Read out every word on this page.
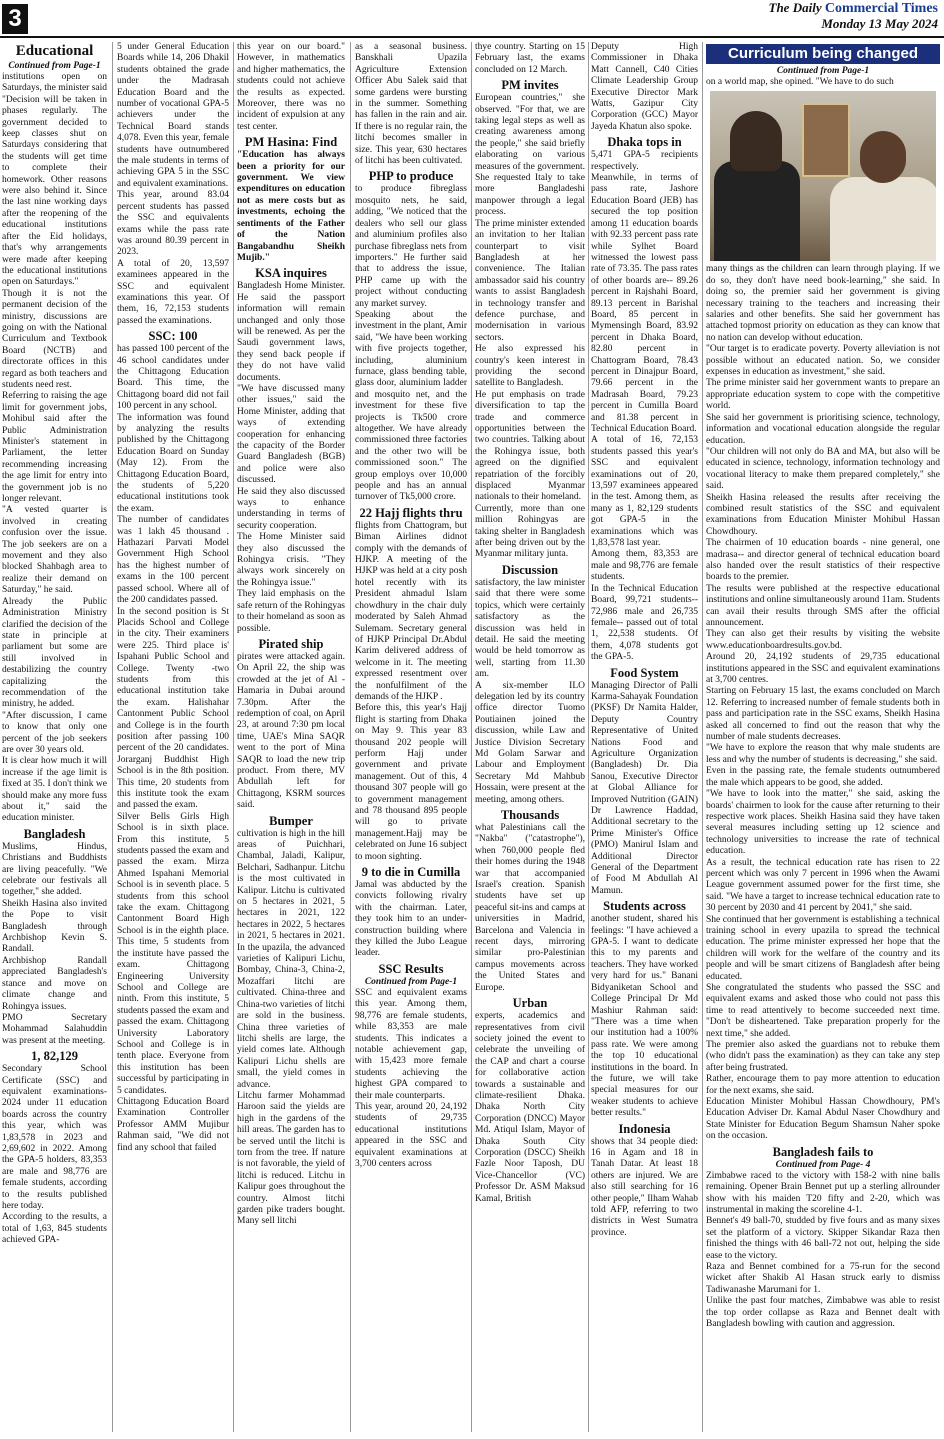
3	The Daily Commercial Times
Monday 13 May 2024
Educational

Continued from Page-1

institutions open on Saturdays, the minister said "Decision will be taken in phases regularly. The government decided to keep classes shut on Saturdays considering that the students will get time to complete their homework. Other reasons were also behind it. Since the last nine working days after the reopening of the educational institutions after the Eid holidays, that's why arrangements were made after keeping the educational institutions open on Saturdays."

Though it is not the permanent decision of the ministry, discussions are going on with the National Curriculum and Textbook Board (NCTB) and directorate offices in this regard as both teachers and students need rest.

Referring to raising the age limit for government jobs, Mohibul said after the Public Administration Minister's statement in Parliament, the letter recommending increasing the age limit for entry into the government job is no longer relevant.

"A vested quarter is involved in creating confusion over the issue. The job seekers are on a movement and they also blocked Shahbagh area to realize their demand on Saturday," he said.

Already the Public Administration Ministry clarified the decision of the state in principle at parliament but some are still involved in destabilizing the country capitalizing the recommendation of the ministry, he added.

"After discussion, I came to know that only one percent of the job seekers are over 30 years old.

It is clear how much it will increase if the age limit is fixed at 35. I don't think we should make any more fuss about it," said the education minister.

Bangladesh

Muslims, Hindus, Christians and Buddhists are living peacefully. "We celebrate our festivals all together," she added.

Sheikh Hasina also invited the Pope to visit Bangladesh through Archbishop Kevin S. Randall.

Archbishop Randall appreciated Bangladesh's stance and move on climate change and Rohingya issues.

PMO Secretary Mohammad Salahuddin was present at the meeting.

1, 82,129

Secondary School Certificate (SSC) and equivalent examinations-2024 under 11 education boards across the country this year, which was 1,83,578 in 2023 and 2,69,602 in 2022. Among the GPA-5 holders, 83,353 are male and 98,776 are female students, according to the results published here today.

According to the results, a total of 1,63, 845 students achieved GPA-

5 under General Education Boards while 14, 206 Dhakil students obtained the grade under the Madrasah Education Board and the number of vocational GPA-5 achievers under the Technical Board stands 4,078. Even this year, female students have outnumbered the male students in terms of achieving GPA 5 in the SSC and equivalent examinations.

This year, around 83.04 percent students has passed the SSC and equivalents exams while the pass rate was around 80.39 percent in 2023.

A total of 20, 13,597 examinees appeared in the SSC and equivalent examinations this year. Of them, 16, 72,153 students passed the examinations.

SSC: 100

has passed 100 percent of the 46 school candidates under the Chittagong Education Board. This time, the Chittagong board did not fail 100 percent in any school.

The information was found by analyzing the results published by the Chittagong Education Board on Sunday (May 12). From the Chittagong Education Board, the students of 5,220 educational institutions took the exam.

The number of candidates was 1 lakh 45 thousand . Hathazari Parvati Model Government High School has the highest number of exams in the 100 percent passed school. Where all of the 200 candidates passed.

In the second position is St Placids School and College in the city. Their examiners were 225. Third place is' Ispahani Public School and College. Twenty -two students from this educational institution take the exam. Halishahar Cantonment Public School and College is in the fourth position after passing 100 percent of the 20 candidates. Jorarganj Buddhist High School is in the 8th position. This time, 20 students from this institute took the exam and passed the exam.

Silver Bells Girls High School is in sixth place. From this institute, 5 students passed the exam and passed the exam. Mirza Ahmed Ispahani Memorial School is in seventh place. 5 students from this school take the exam. Chittagong Cantonment Board High School is in the eighth place. This time, 5 students from the institute have passed the exam. Chittagong Engineering University School and College are ninth. From this institute, 5 students passed the exam and passed the exam. Chittagong University Laboratory School and College is in tenth place. Everyone from this institution has been successful by participating in 5 candidates.

Chittagong Education Board Examination Controller Professor AMM Mujibur Rahman said, "We did not find any school that failed

this year on our board." However, in mathematics and higher mathematics, the students could not achieve the results as expected. Moreover, there was no incident of expulsion at any test center.

PM Hasina: Find

"Education has always been a priority for our government. We view expenditures on education not as mere costs but as investments, echoing the sentiments of the Father of the Nation Bangabandhu Sheikh Mujib."

KSA inquires

Bangladesh Home Minister. He said the passport information will remain unchanged and only those will be renewed. As per the Saudi government laws, they send back people if they do not have valid documents.

"We have discussed many other issues," said the Home Minister, adding that ways of extending cooperation for enhancing the capacity of the Border Guard Bangladesh (BGB) and police were also discussed.

He said they also discussed ways to enhance understanding in terms of security cooperation.

The Home Minister said they also discussed the Rohingya crisis. "They always work sincerely on the Rohingya issue."

They laid emphasis on the safe return of the Rohingyas to their homeland as soon as possible.

Pirated ship

pirates were attacked again. On April 22, the ship was crowded at the jet of Al -Hamaria in Dubai around 7.30pm. After the redemption of coal, on April 23, at around 7:30 pm local time, UAE's Mina SAQR went to the port of Mina SAQR to load the new trip product. From there, MV Abdullah left for Chittagong, KSRM sources said.

Bumper

cultivation is high in the hill areas of Puichhari, Chambal, Jaladi, Kalipur, Belchari, Sadhanpur. Litchu is the most cultivated in Kalipur. Litchu is cultivated on 5 hectares in 2021, 5 hectares in 2021, 122 hectares in 2022, 5 hectares in 2021, 5 hectares in 2021. In the upazila, the advanced varieties of Kalipuri Lichu, Bombay, China-3, China-2, Mozaffari litchi are cultivated. China-three and China-two varieties of litchi are sold in the business. China three varieties of litchi shells are large, the yield comes late. Although Kalipuri Lichu shells are small, the yield comes in advance.

Litchu farmer Mohammad Haroon said the yields are high in the gardens of the hill areas. The garden has to be served until the litchi is torn from the tree. If nature is not favorable, the yield of litchi is reduced. Litchu in Kalipur goes throughout the country. Almost litchi garden pike traders bought. Many sell litchi

as a seasonal business. Banskhali Upazila Agriculture Extension Officer Abu Salek said that some gardens were bursting in the summer. Something has fallen in the rain and air. If there is no regular rain, the litchi becomes smaller in size. This year, 630 hectares of litchi has been cultivated.

PHP to produce

to produce fibreglass mosquito nets, he said, adding, "We noticed that the dealers who sell our glass and aluminium profiles also purchase fibreglass nets from importers." He further said that to address the issue, PHP came up with the project without conducting any market survey.

Speaking about the investment in the plant, Amir said, "We have been working with five projects together, including, aluminium furnace, glass bending table, glass door, aluminium ladder and mosquito net, and the investment for these five projects is Tk500 crore altogether. We have already commissioned three factories and the other two will be commissioned soon." The group employs over 10,000 people and has an annual turnover of Tk5,000 crore.

22 Hajj flights thru

flights from Chattogram, but Biman Airlines didnot comply with the demands of HJKP. A meeting of the HJKP was held at a city posh hotel recently with its President ahmadul Islam chowdhury in the chair duly moderated by Saleh Ahmad Sulemam. Secretary general of HJKP Principal Dr.Abdul Karim delivered address of welcome in it. The meeting expressed resentment over the nonfulfilment of the demands of the HJKP .

Before this, this year's Hajj flight is starting from Dhaka on May 9. This year 83 thousand 202 people will perform Hajj under government and private management. Out of this, 4 thousand 307 people will go to government management and 78 thousand 895 people will go to private management.Hajj may be celebrated on June 16 subject to moon sighting.

9 to die in Cumilla

Jamal was abducted by the convicts following rivalry with the chairman. Later, they took him to an under-construction building where they killed the Jubo League leader.

SSC Results

Continued from Page-1

SSC and equivalent exams this year. Among them, 98,776 are female students, while 83,353 are male students. This indicates a notable achievement gap, with 15,423 more female students achieving the highest GPA compared to their male counterparts.

This year, around 20, 24,192 students of 29,735 educational institutions appeared in the SSC and equivalent examinations at 3,700 centers across

thye country. Starting on 15 February last, the exams concluded on 12 March.

PM invites

European countries," she observed. "For that, we are taking legal steps as well as creating awareness among the people," she said briefly elaborating on various measures of the government. She requested Italy to take more Bangladeshi manpower through a legal process.

The prime minister extended an invitation to her Italian counterpart to visit Bangladesh at her convenience. The Italian ambassador said his country wants to assist Bangladesh in technology transfer and defence purchase, and modernisation in various sectors.

He also expressed his country's keen interest in providing the second satellite to Bangladesh.

He put emphasis on trade diversification to tap the trade and commerce opportunities between the two countries. Talking about the Rohingya issue, both agreed on the dignified repatriation of the forcibly displaced Myanmar nationals to their homeland.

Currently, more than one million Rohingyas are taking shelter in Bangladesh after being driven out by the Myanmar military junta.

Discussion

satisfactory, the law minister said that there were some topics, which were certainly satisfactory as the discussion was held in detail. He said the meeting would be held tomorrow as well, starting from 11.30 am.

A six-member ILO delegation led by its country office director Tuomo Poutiainen joined the discussion, while Law and Justice Division Secretary Md Golam Sarwar and Labour and Employment Secretary Md Mahbub Hossain, were present at the meeting, among others.

Thousands

what Palestinians call the "Nakba" ("catastrophe"), when 760,000 people fled their homes during the 1948 war that accompanied Israel's creation. Spanish students have set up peaceful sit-ins and camps at universities in Madrid, Barcelona and Valencia in recent days, mirroring similar pro-Palestinian campus movements across the United States and Europe.

Urban

experts, academics and representatives from civil society joined the event to celebrate the unveiling of the CAP and chart a course for collaborative action towards a sustainable and climate-resilient Dhaka. Dhaka North City Corporation (DNCC) Mayor Md. Atiqul Islam, Mayor of Dhaka South City Corporation (DSCC) Sheikh Fazle Noor Taposh, DU Vice-Chancellor (VC) Professor Dr. ASM Maksud Kamal, British

Deputy High Commissioner in Dhaka Matt Cannell, C40 Cities Climate Leadership Group Executive Director Mark Watts, Gazipur City Corporation (GCC) Mayor Jayeda Khatun also spoke.

Dhaka tops in

5,471 GPA-5 recipients respectively.

Meanwhile, in terms of pass rate, Jashore Education Board (JEB) has secured the top position among 11 education boards with 92.33 percent pass rate while Sylhet Board witnessed the lowest pass rate of 73.35. The pass rates of other boards are-- 89.26 percent in Rajshahi Board, 89.13 percent in Barishal Board, 85 percent in Mymensingh Board, 83.92 percent in Dhaka Board, 82.80 percent in Chattogram Board, 78.43 percent in Dinajpur Board, 79.66 percent in the Madrasah Board, 79.23 percent in Cumilla Board and 81.38 percent in Technical Education Board.

A total of 16, 72,153 students passed this year's SSC and equivalent examinations out of 20, 13,597 examinees appeared in the test. Among them, as many as 1, 82,129 students got GPA-5 in the examinations which was 1,83,578 last year.

Among them, 83,353 are male and 98,776 are female students.

In the Technical Education Board, 99,721 students-- 72,986 male and 26,735 female-- passed out of total 1, 22,538 students. Of them, 4,078 students got the GPA-5.

Food System

Managing Director of Palli Karma-Sahayak Foundation (PKSF) Dr Namita Halder, Deputy Country Representative of United Nations Food and Agriculture Organization (Bangladesh) Dr. Dia Sanou, Executive Director at Global Alliance for Improved Nutrition (GAIN) Dr Lawrence Haddad, Additional secretary to the Prime Minister's Office (PMO) Manirul Islam and Additional Director General of the Department of Food M Abdullah Al Mamun.

Students across

another student, shared his feelings: "I have achieved a GPA-5. I want to dedicate this to my parents and teachers. They have worked very hard for us." Banani Bidyaniketan School and College Principal Dr Md Mashiur Rahman said: "There was a time when our institution had a 100% pass rate. We were among the top 10 educational institutions in the board. In the future, we will take special measures for our weaker students to achieve better results."

Indonesia

shows that 34 people died: 16 in Agam and 18 in Tanah Datar. At least 18 others are injured. We are also still searching for 16 other people," Ilham Wahab told AFP, referring to two districts in West Sumatra province.

Curriculum being changed

Continued from Page-1

on a world map, she opined. "We have to do such

many things as the children can learn through playing. If we do so, they don't have need book-learning," she said. In doing so, the premier said her government is giving necessary training to the teachers and increasing their salaries and other benefits. She said her government has attached topmost priority on education as they can know that no nation can develop without education.

"Our target is to eradicate poverty. Poverty alleviation is not possible without an educated nation. So, we consider expenses in education as investment," she said.

The prime minister said her government wants to prepare an appropriate education system to cope with the competitive world.

She said her government is prioritising science, technology, information and vocational education alongside the regular education.

"Our children will not only do BA and MA, but also will be educated in science, technology, information technology and vocational literacy to make them prepared completely," she said.

Sheikh Hasina released the results after receiving the combined result statistics of the SSC and equivalent examinations from Education Minister Mohibul Hassan Chowdhoury.

The chairmen of 10 education boards - nine general, one madrasa-- and director general of technical education board also handed over the result statistics of their respective boards to the premier.

The results were published at the respective educational institutions and online simultaneously around 11am. Students can avail their results through SMS after the official announcement.

They can also get their results by visiting the website www.educationboardresults.gov.bd.

Around 20, 24,192 students of 29,735 educational institutions appeared in the SSC and equivalent examinations at 3,700 centres.

Starting on February 15 last, the exams concluded on March 12. Referring to increased number of female students both in pass and participation rate in the SSC exams, Sheikh Hasina asked all concerned to find out the reason that why the number of male students decreases.

"We have to explore the reason that why male students are less and why the number of students is decreasing," she said.

Even in the passing rate, the female students outnumbered the male which appears to be good, she added.

"We have to look into the matter," she said, asking the boards' chairmen to look for the cause after returning to their respective work places. Sheikh Hasina said they have taken several measures including setting up 12 science and technology universities to increase the rate of technical education.

As a result, the technical education rate has risen to 22 percent which was only 7 percent in 1996 when the Awami League government assumed power for the first time, she said. "We have a target to increase technical education rate to 30 percent by 2030 and 41 percent by 2041," she said.

She continued that her government is establishing a technical training school in every upazila to spread the technical education. The prime minister expressed her hope that the children will work for the welfare of the country and its people and will be smart citizens of Bangladesh after being educated.

She congratulated the students who passed the SSC and equivalent exams and asked those who could not pass this time to read attentively to become succeeded next time. "Don't be disheartened. Take preparation properly for the next time," she added.

The premier also asked the guardians not to rebuke them (who didn't pass the examination) as they can take any step after being frustrated.

Rather, encourage them to pay more attention to education for the next exams, she said.

Education Minister Mohibul Hassan Chowdhoury, PM's Education Adviser Dr. Kamal Abdul Naser Chowdhury and State Minister for Education Begum Shamsun Naher spoke on the occasion.

Bangladesh fails to

Continued from Page- 4

Zimbabwe raced to the victory with 158-2 with nine balls remaining. Opener Brain Bennet put up a sterling allrounder show with his maiden T20 fifty and 2-20, which was instrumental in making the scoreline 4-1.

Bennet's 49 ball-70, studded by five fours and as many sixes set the platform of a victory. Skipper Sikandar Raza then finished the things with 46 ball-72 not out, helping the side ease to the victory.

Raza and Bennet combined for a 75-run for the second wicket after Shakib Al Hasan struck early to dismiss Tadiwanashe Marumani for 1.

Unlike the past four matches, Zimbabwe was able to resist the top order collapse as Raza and Bennet dealt with Bangladesh bowling with caution and aggression.
